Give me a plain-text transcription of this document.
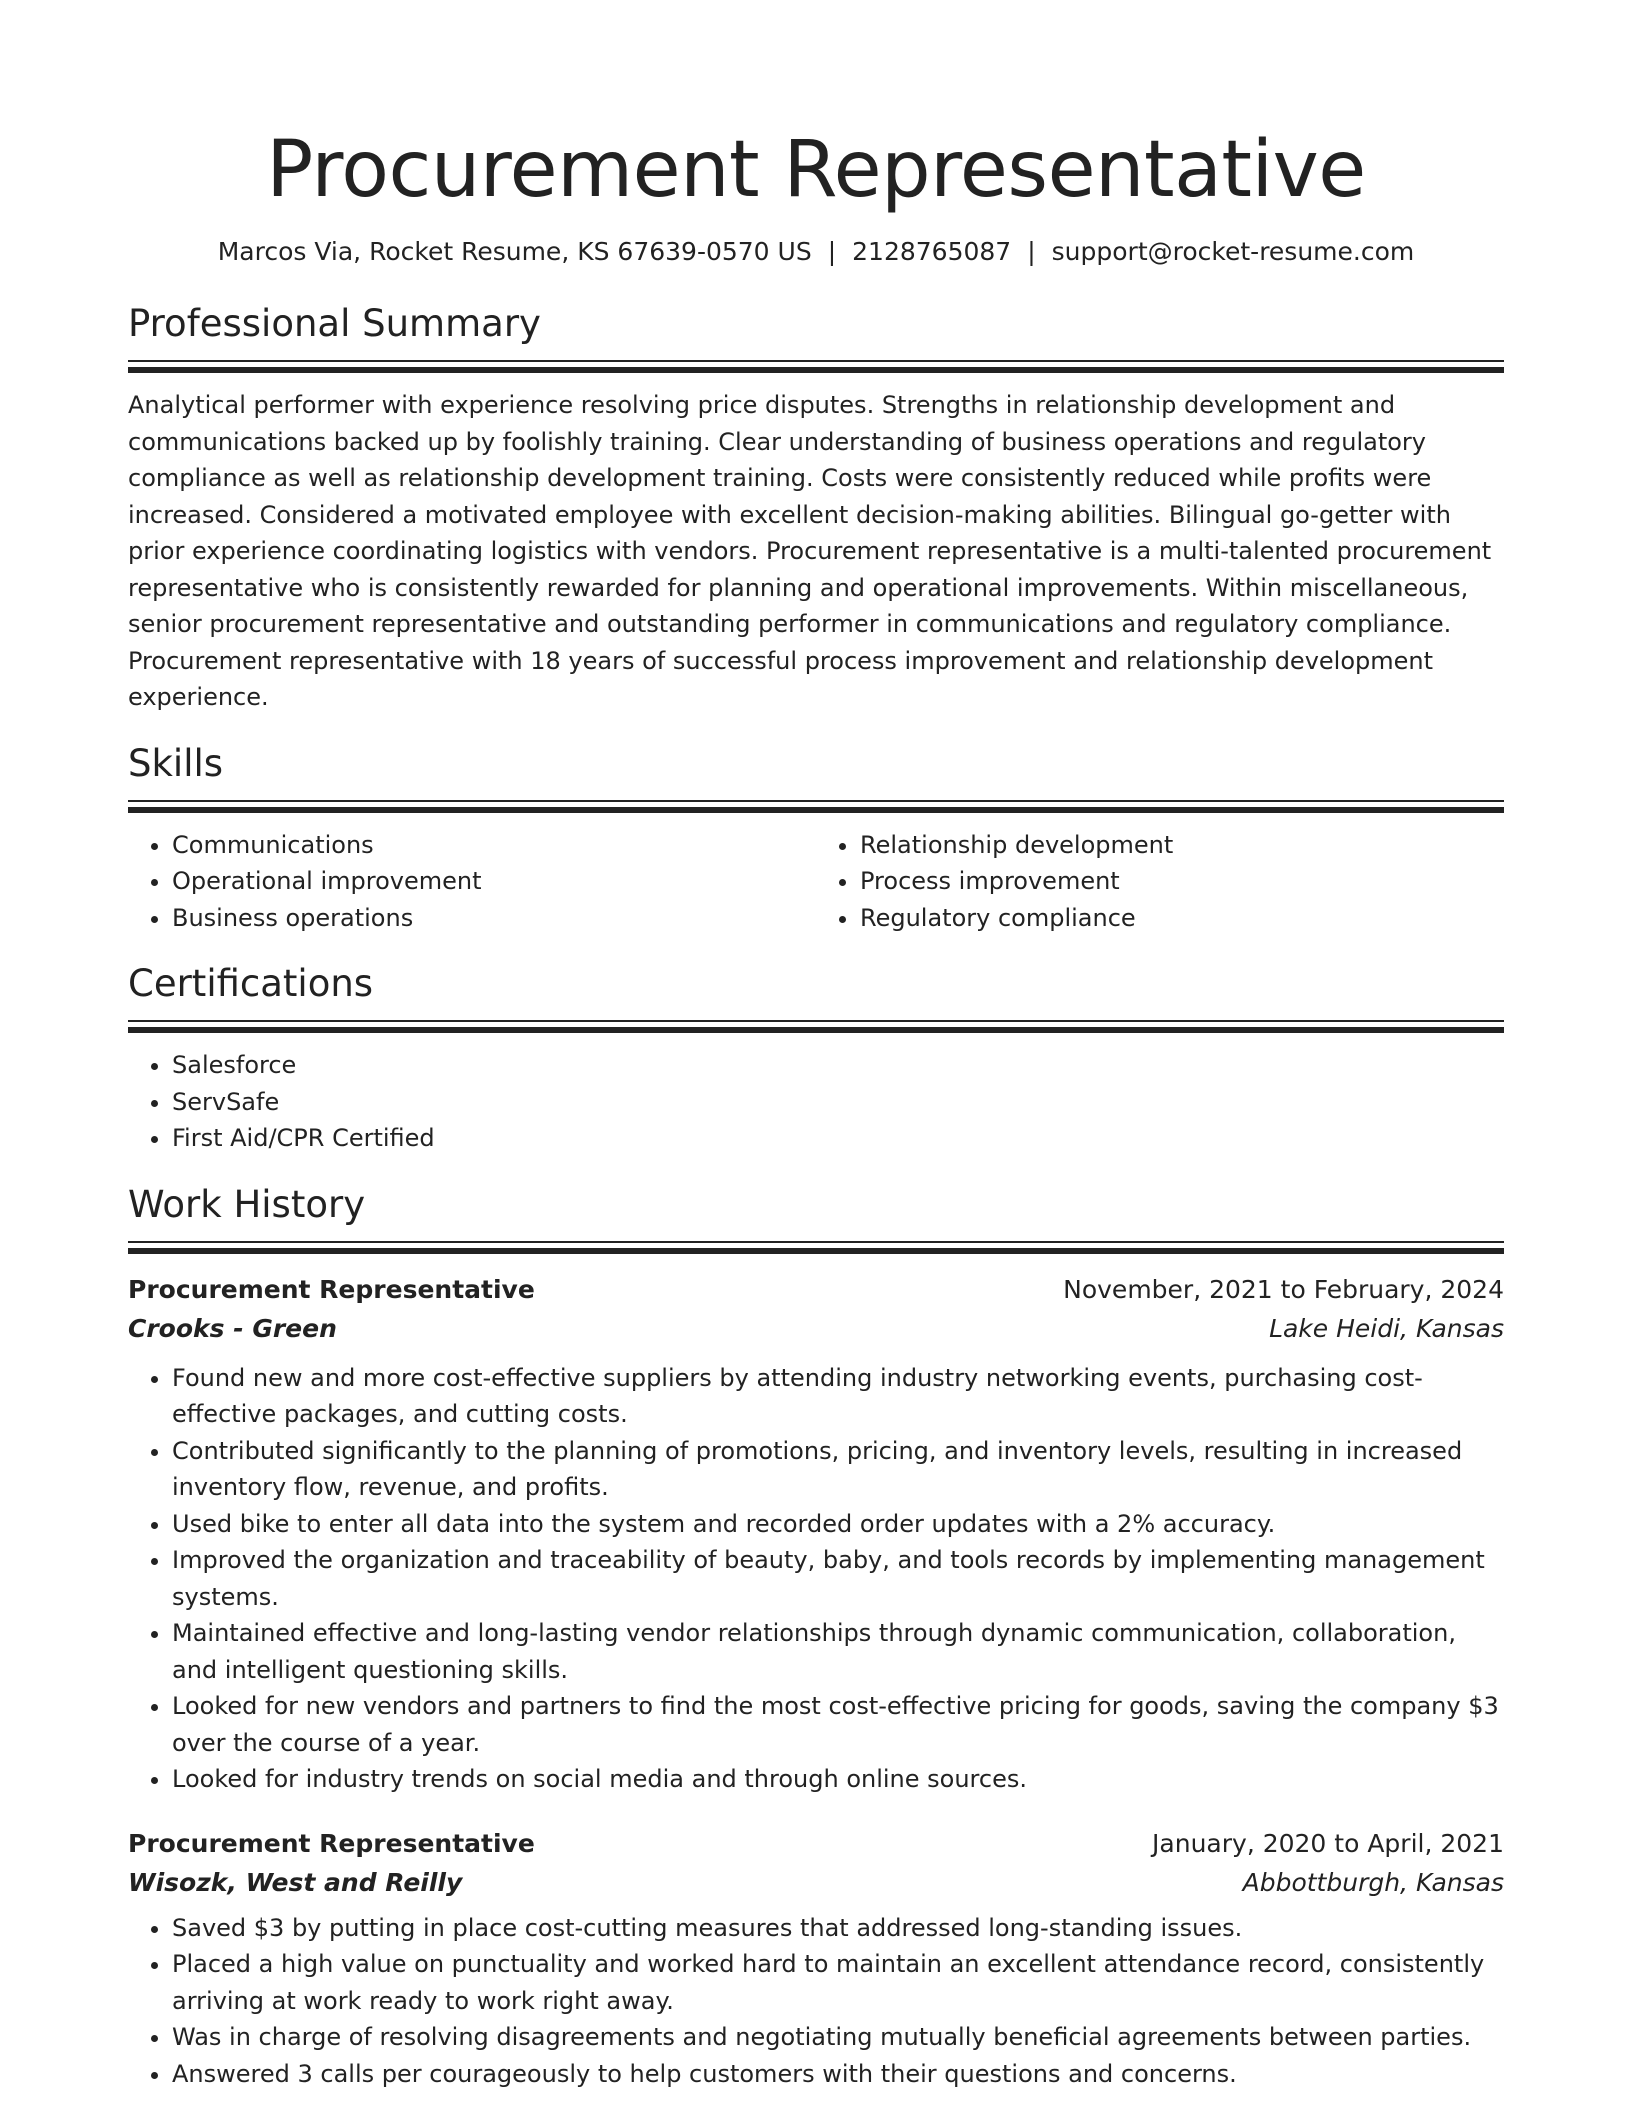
Procurement Representative
Marcos Via, Rocket Resume, KS 67639-0570 US | 2128765087 | support@rocket-resume.com
Professional Summary

Analytical performer with experience resolving price disputes. Strengths in relationship development and communications backed up by foolishly training. Clear understanding of business operations and regulatory compliance as well as relationship development training. Costs were consistently reduced while profits were increased. Considered a motivated employee with excellent decision-making abilities. Bilingual go-getter with prior experience coordinating logistics with vendors. Procurement representative is a multi-talented procurement representative who is consistently rewarded for planning and operational improvements. Within miscellaneous, senior procurement representative and outstanding performer in communications and regulatory compliance. Procurement representative with 18 years of successful process improvement and relationship development experience.

Skills
• Communications
• Operational improvement
• Business operations
• Relationship development
• Process improvement
• Regulatory compliance
Certifications
• Salesforce
• ServSafe
• First Aid/CPR Certified
Work History
Procurement Representative	November, 2021 to February, 2024
Crooks - Green	Lake Heidi, Kansas
• Found new and more cost-effective suppliers by attending industry networking events, purchasing cost-effective packages, and cutting costs.
• Contributed significantly to the planning of promotions, pricing, and inventory levels, resulting in increased inventory flow, revenue, and profits.
• Used bike to enter all data into the system and recorded order updates with a 2% accuracy.
• Improved the organization and traceability of beauty, baby, and tools records by implementing management systems.
• Maintained effective and long-lasting vendor relationships through dynamic communication, collaboration, and intelligent questioning skills.
• Looked for new vendors and partners to find the most cost-effective pricing for goods, saving the company $3 over the course of a year.
• Looked for industry trends on social media and through online sources.
Procurement Representative	January, 2020 to April, 2021
Wisozk, West and Reilly	Abbottburgh, Kansas
• Saved $3 by putting in place cost-cutting measures that addressed long-standing issues.
• Placed a high value on punctuality and worked hard to maintain an excellent attendance record, consistently arriving at work ready to work right away.
• Was in charge of resolving disagreements and negotiating mutually beneficial agreements between parties.
• Answered 3 calls per courageously to help customers with their questions and concerns.
